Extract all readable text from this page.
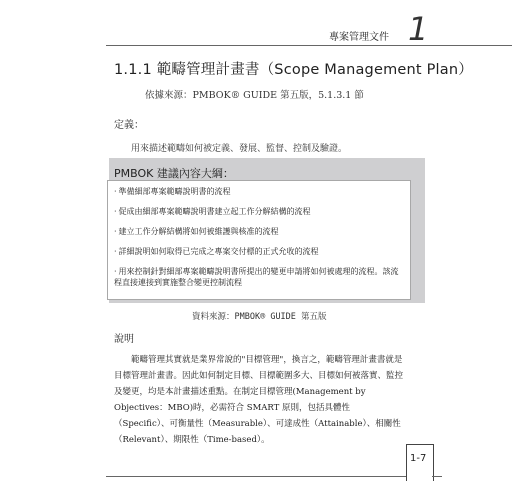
專案管理文件 1
1.1.1 範疇管理計畫書（Scope Management Plan）
依據來源：PMBOK® GUIDE 第五版，5.1.3.1 節
定義：
用來描述範疇如何被定義、發展、監督、控制及驗證。
PMBOK 建議內容大綱：
‧ 準備細部專案範疇說明書的流程
‧ 促成由細部專案範疇說明書建立起工作分解結構的流程
‧ 建立工作分解結構將如何被維護與核准的流程
‧ 詳細說明如何取得已完成之專案交付標的正式允收的流程
‧ 用來控制針對細部專案範疇說明書所提出的變更申請將如何被處理的流程。該流程直接連接到實施整合變更控制流程
資料來源：PMBOK® GUIDE 第五版
說明
範疇管理其實就是業界常說的"目標管理"，換言之，範疇管理計畫書就是目標管理計畫書。因此如何制定目標、目標範圍多大、目標如何被落實、監控及變更，均是本計畫描述重點。在制定目標管理(Management by Objectives：MBO)時，必需符合 SMART 原則，包括具體性（Specific）、可衡量性（Measurable）、可達成性（Attainable）、相關性（Relevant）、期限性（Time-based）。
1-7
